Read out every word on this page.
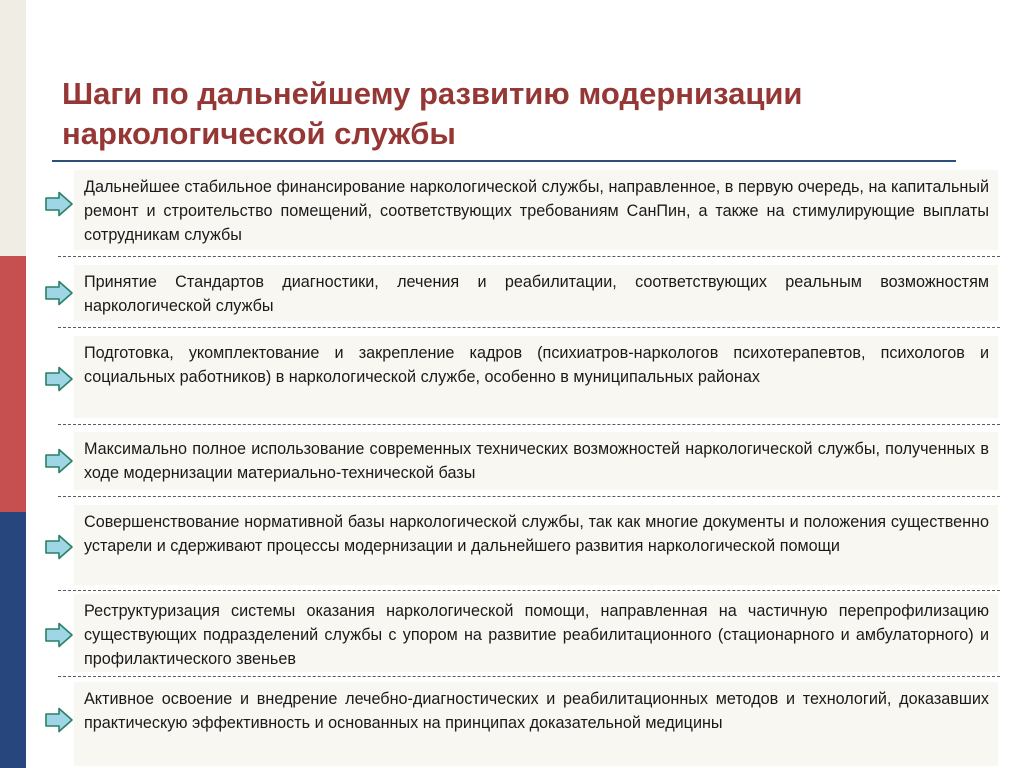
Шаги по дальнейшему развитию модернизации
наркологической службы
Дальнейшее стабильное финансирование наркологической службы, направленное, в первую очередь, на капитальный ремонт и строительство помещений, соответствующих требованиям СанПин, а также на стимулирующие выплаты сотрудникам службы
Принятие Стандартов диагностики, лечения и реабилитации, соответствующих реальным возможностям наркологической службы
Подготовка, укомплектование и закрепление кадров (психиатров-наркологов психотерапевтов, психологов и социальных работников) в наркологической службе, особенно в муниципальных районах
Максимально полное использование современных технических возможностей наркологической службы, полученных в ходе модернизации материально-технической базы
Совершенствование нормативной базы наркологической службы, так как многие документы и положения существенно устарели и сдерживают процессы модернизации и дальнейшего развития наркологической помощи
Реструктуризация системы оказания наркологической помощи, направленная на частичную перепрофилизацию существующих подразделений службы с упором на развитие реабилитационного (стационарного и амбулаторного) и профилактического звеньев
Активное освоение и внедрение лечебно-диагностических и реабилитационных методов и технологий, доказавших практическую эффективность и основанных на принципах доказательной медицины
